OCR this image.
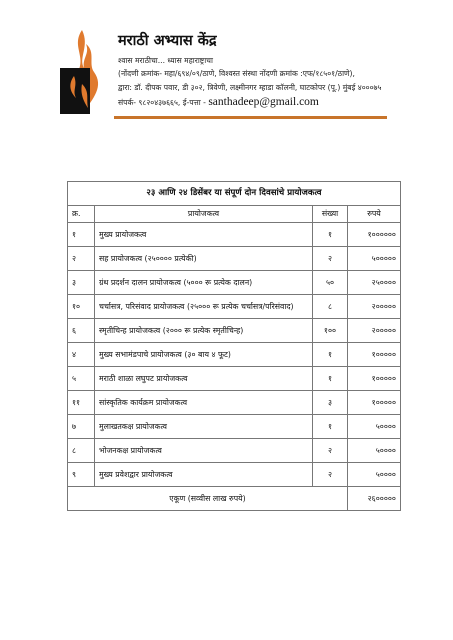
मराठी अभ्यास केंद्र
श्वास मराठीचा... ध्यास महाराष्ट्राचा
(नोंदणी क्रमांक- महा/६९४/०९/ठाणे, विश्वस्त संस्था नोंदणी क्रमांक :एफ/१८५०१/ठाणे),
द्वारा: डॉ. दीपक पवार, डी ३०२, त्रिवेणी, लक्ष्मीनगर म्हाडा कॉलनी, घाटकोपर (पू.) मुंबई ४०००७५
संपर्क- ९८२०४३७६६५, ई-पत्ता - santhadeep@gmail.com
२३ आणि २४ डिसेंबर या संपूर्ण दोन दिवसांचे प्रायोजकत्व
क्र.	प्रायोजकत्व	संख्या	रुपये
१	मुख्य प्रायोजकत्व	१	१००००००
२	सह प्रायोजकत्व (२५०००० प्रत्येकी)	२	५०००००
३	ग्रंथ प्रदर्शन दालन प्रायोजकत्व (५००० रू प्रत्येक दालन)	५०	२५००००
१०	चर्चासत्र, परिसंवाद प्रायोजकत्व (२५००० रू प्रत्येक चर्चासत्र/परिसंवाद)	८	२०००००
६	स्मृतीचिन्ह प्रायोजकत्व (२००० रू प्रत्येक स्मृतीचिन्ह)	१००	२०००००
४	मुख्य सभामंडपाचे प्रायोजकत्व (३० बाय ४ फूट)	१	१०००००
५	मराठी शाळा लघुपट प्रायोजकत्व	१	१०००००
११	सांस्कृतिक कार्यक्रम प्रायोजकत्व	३	१०००००
७	मुलाखतकक्ष प्रायोजकत्व	१	५००००
८	भोजनकक्ष प्रायोजकत्व	२	५००००
९	मुख्य प्रवेशद्वार प्रायोजकत्व	२	५००००
एकूण (सव्वीस लाख रुपये)			२६०००००
